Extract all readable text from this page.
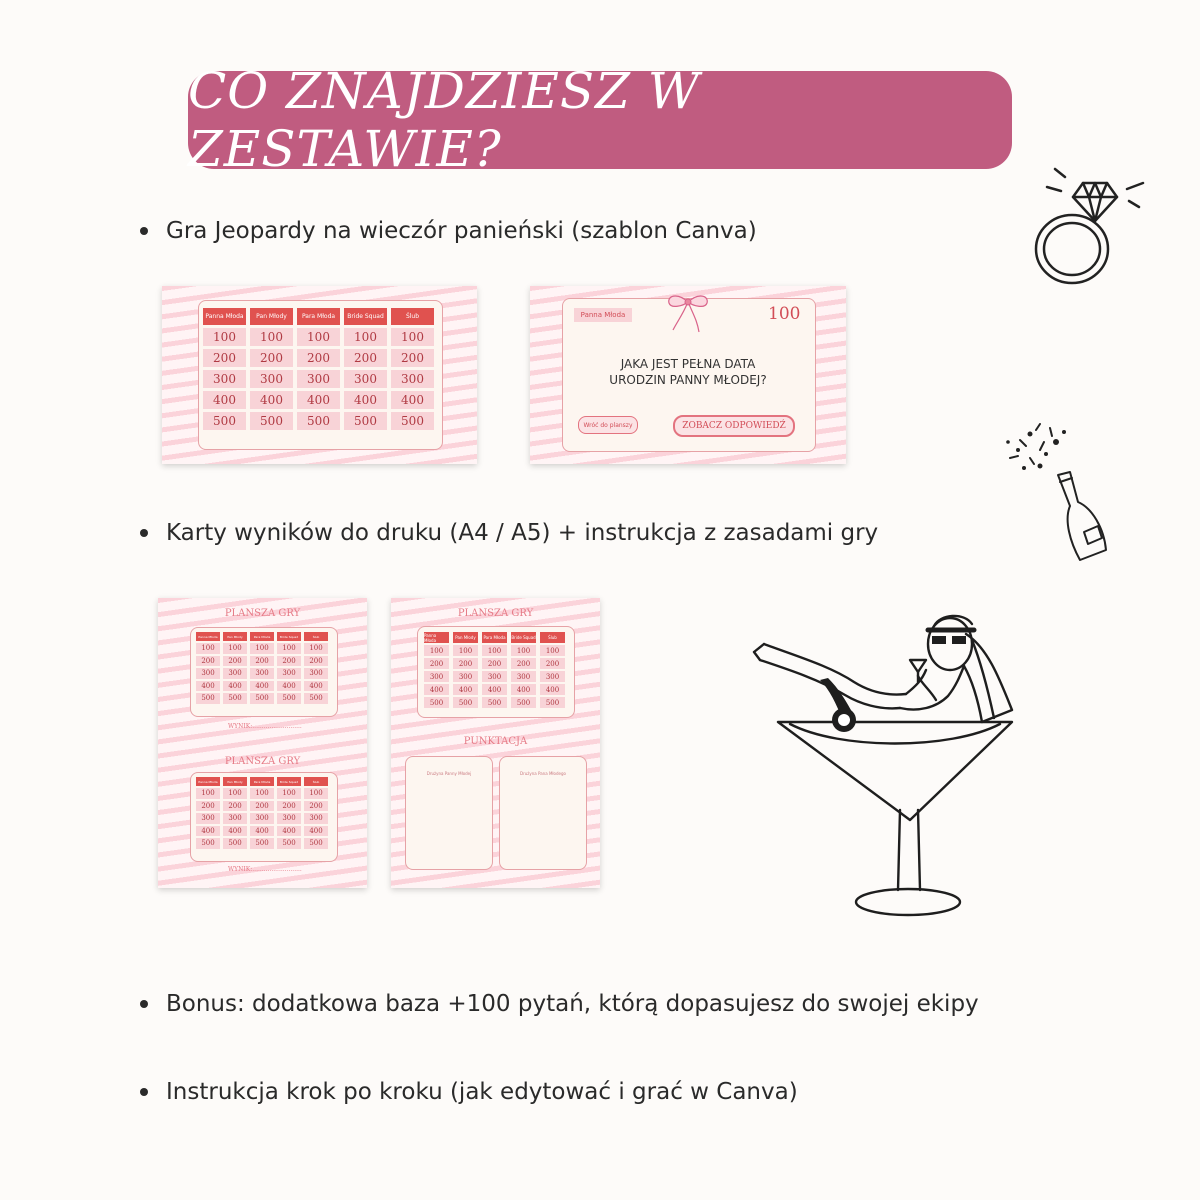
CO ZNAJDZIESZ W ZESTAWIE?
Gra Jeopardy na wieczór panieński (szablon Canva)
Panna Młoda	Pan Młody	Para Młoda	Bride Squad	Ślub
100	100	100	100	100
200	200	200	200	200
300	300	300	300	300
400	400	400	400	400
500	500	500	500	500
Panna Młoda	100
JAKA JEST PEŁNA DATA
URODZIN PANNY MŁODEJ?
Wróć do planszy	ZOBACZ ODPOWIEDŹ
Karty wyników do druku (A4 / A5) + instrukcja z zasadami gry
PLANSZA GRY
Panna Młoda	Pan Młody	Para Młoda	Bride Squad	Ślub
100	100	100	100	100
200	200	200	200	200
300	300	300	300	300
400	400	400	400	400
500	500	500	500	500
WYNIK:..........................
PLANSZA GRY
Panna Młoda	Pan Młody	Para Młoda	Bride Squad	Ślub
100	100	100	100	100
200	200	200	200	200
300	300	300	300	300
400	400	400	400	400
500	500	500	500	500
WYNIK:..........................
PLANSZA GRY
Panna Młoda	Pan Młody	Para Młoda	Bride Squad	Ślub
100	100	100	100	100
200	200	200	200	200
300	300	300	300	300
400	400	400	400	400
500	500	500	500	500
PUNKTACJA
Drużyna Panny Młodej	Drużyna Pana Młodego
Bonus: dodatkowa baza +100 pytań, którą dopasujesz do swojej ekipy
Instrukcja krok po kroku (jak edytować i grać w Canva)
